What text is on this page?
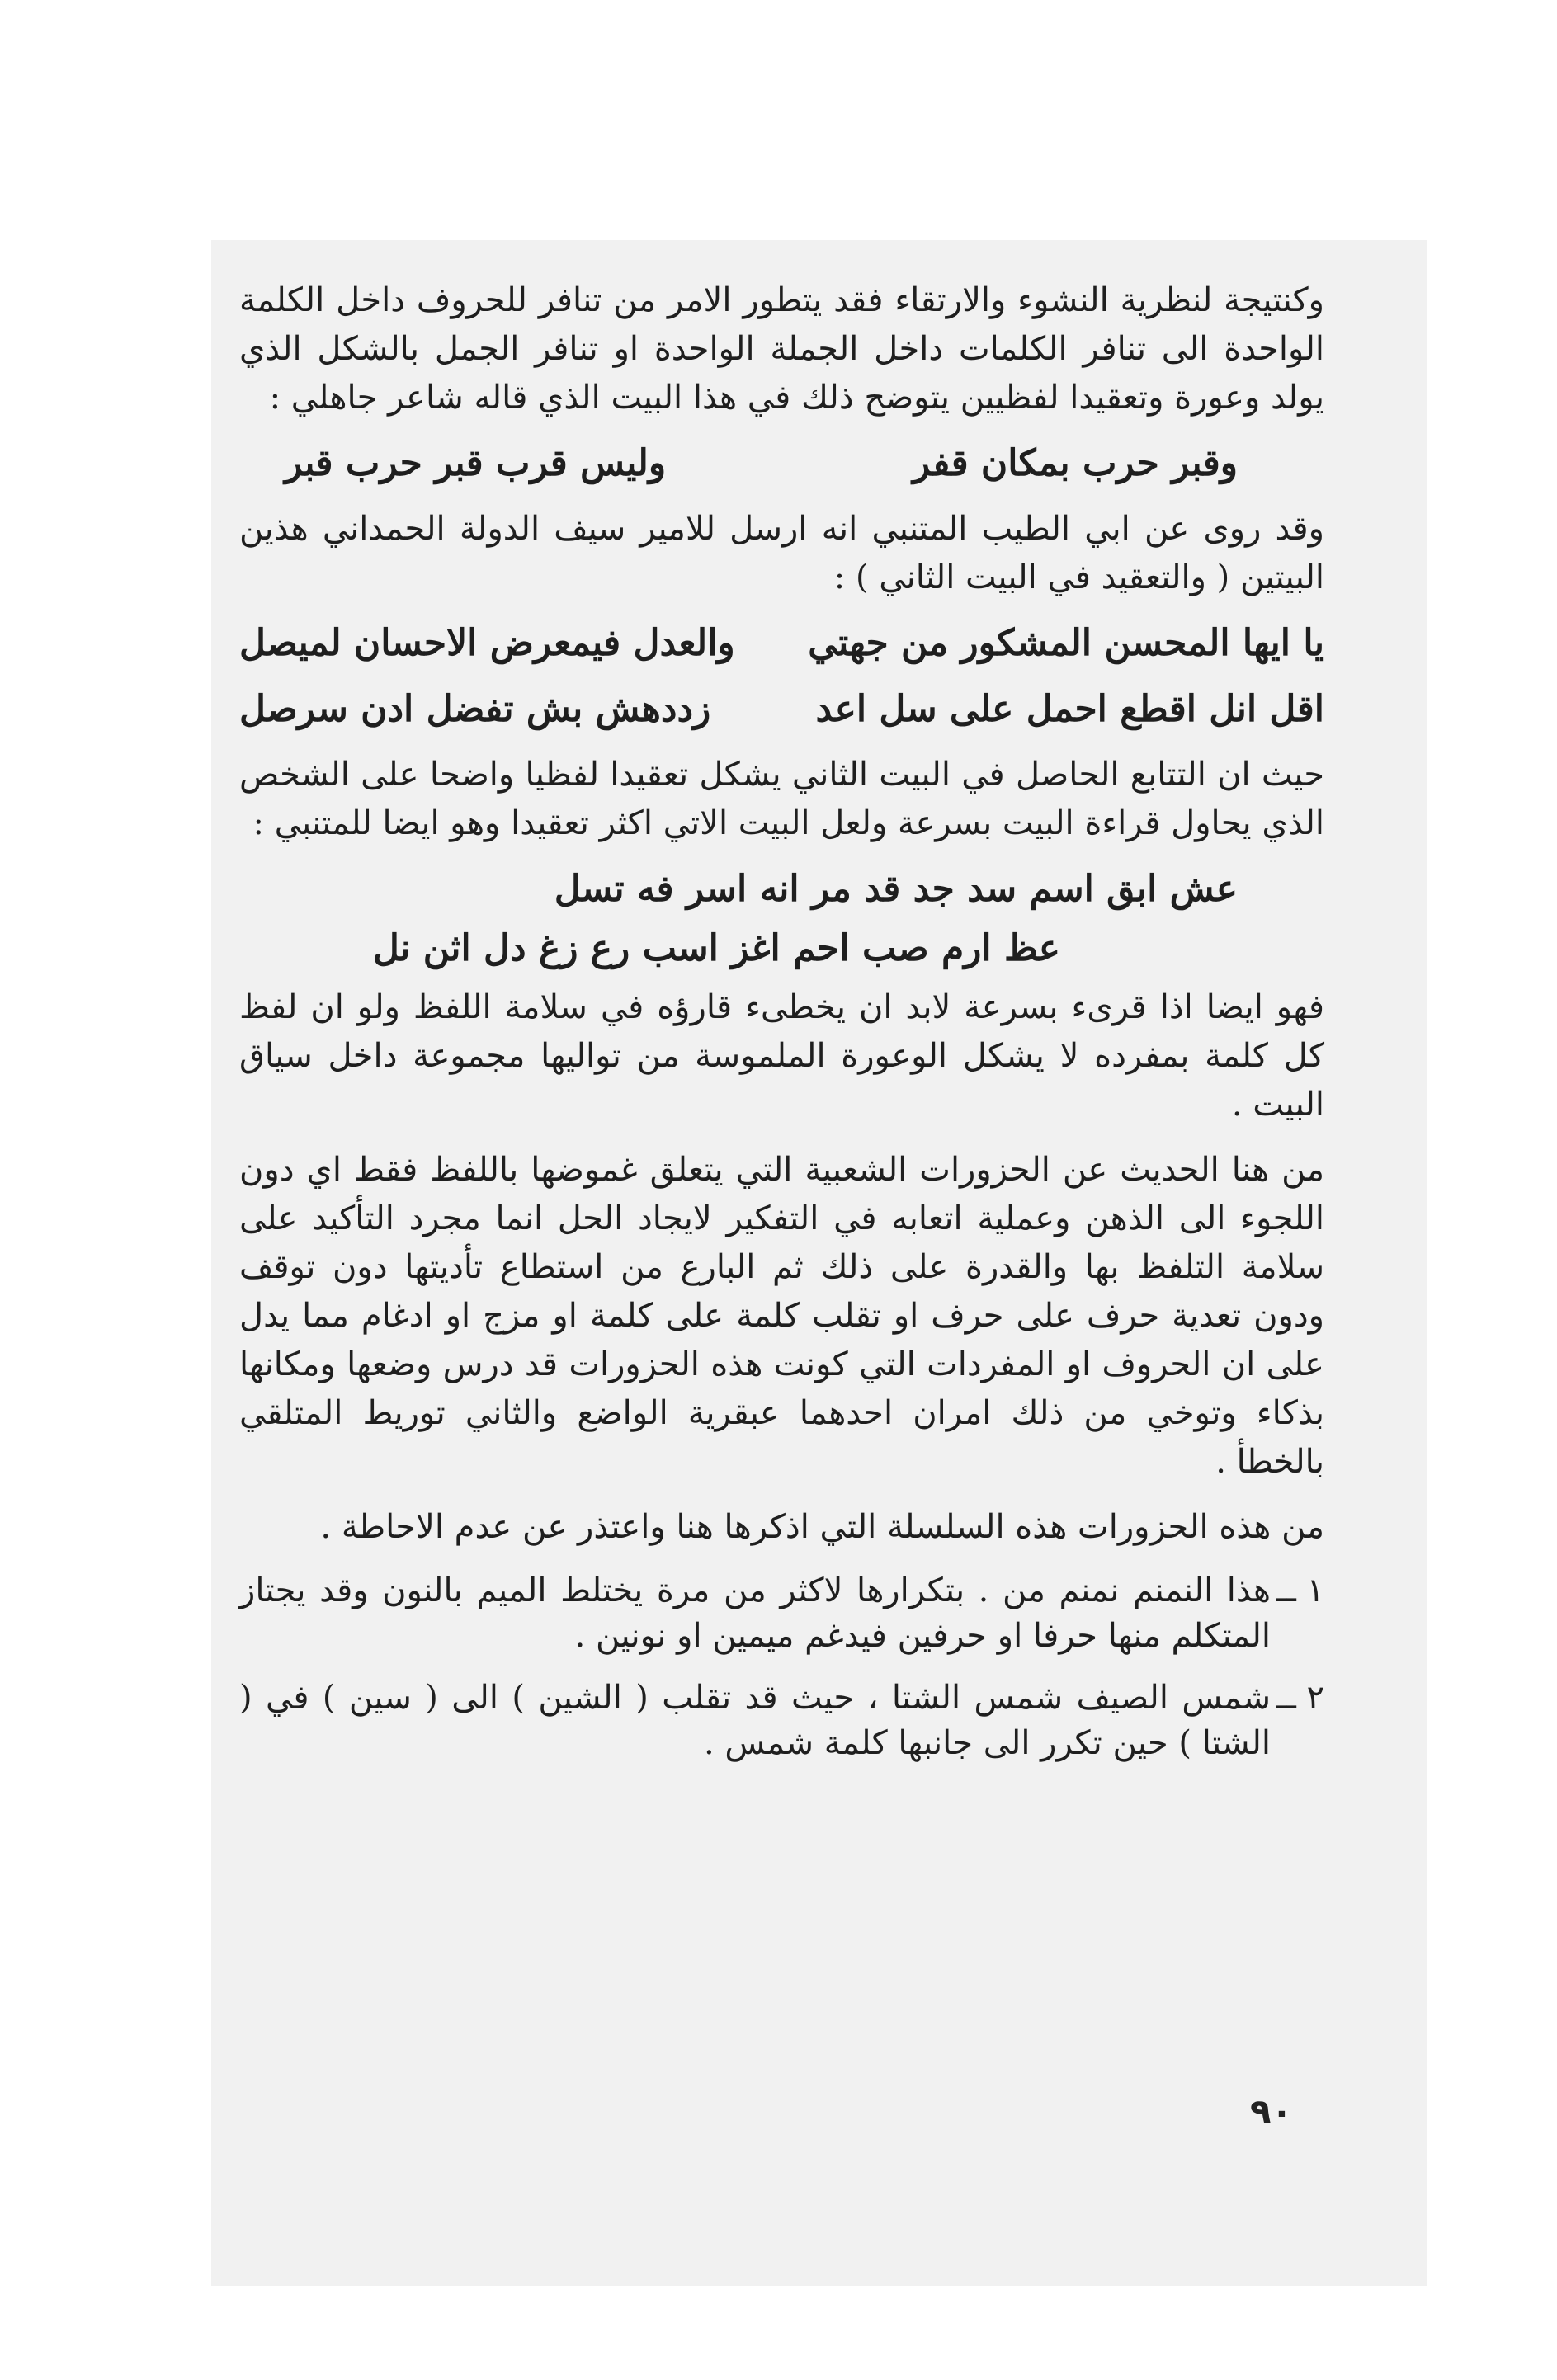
وكنتيجة لنظرية النشوء والارتقاء فقد يتطور الامر من تنافر للحروف داخل الكلمة الواحدة الى تنافر الكلمات داخل الجملة الواحدة او تنافر الجمل بالشكل الذي يولد وعورة وتعقيدا لفظيين يتوضح ذلك في هذا البيت الذي قاله شاعر جاهلي :

وقبر حرب بمكان قفر
وليس قرب قبر حرب قبر

وقد روى عن ابي الطيب المتنبي انه ارسل للامير سيف الدولة الحمداني هذين البيتين ( والتعقيد في البيت الثاني ) :

يا ايها المحسن المشكور من جهتي
والعدل فيمعرض الاحسان لميصل
اقل انل اقطع احمل على سل اعد
زددهش بش تفضل ادن سرصل

حيث ان التتابع الحاصل في البيت الثاني يشكل تعقيدا لفظيا واضحا على الشخص الذي يحاول قراءة البيت بسرعة ولعل البيت الاتي اكثر تعقيدا وهو ايضا للمتنبي :

عش ابق اسم سد جد قد مر انه اسر فه تسل
عظ ارم صب احم اغز اسب رع زغ دل اثن نل

فهو ايضا اذا قرىء بسرعة لابد ان يخطىء قارؤه في سلامة اللفظ ولو ان لفظ كل كلمة بمفرده لا يشكل الوعورة الملموسة من تواليها مجموعة داخل سياق البيت .

من هنا الحديث عن الحزورات الشعبية التي يتعلق غموضها باللفظ فقط اي دون اللجوء الى الذهن وعملية اتعابه في التفكير لايجاد الحل انما مجرد التأكيد على سلامة التلفظ بها والقدرة على ذلك ثم البارع من استطاع تأديتها دون توقف ودون تعدية حرف على حرف او تقلب كلمة على كلمة او مزج او ادغام مما يدل على ان الحروف او المفردات التي كونت هذه الحزورات قد درس وضعها ومكانها بذكاء وتوخي من ذلك امران احدهما عبقرية الواضع والثاني توريط المتلقي بالخطأ .

من هذه الحزورات هذه السلسلة التي اذكرها هنا واعتذر عن عدم الاحاطة .

١ ــ
هذا النمنم نمنم من . بتكرارها لاكثر من مرة يختلط الميم بالنون وقد يجتاز المتكلم منها حرفا او حرفين فيدغم ميمين او نونين .
٢ ــ
شمس الصيف شمس الشتا ، حيث قد تقلب ( الشين ) الى ( سين ) في ( الشتا ) حين تكرر الى جانبها كلمة شمس .
٩٠
